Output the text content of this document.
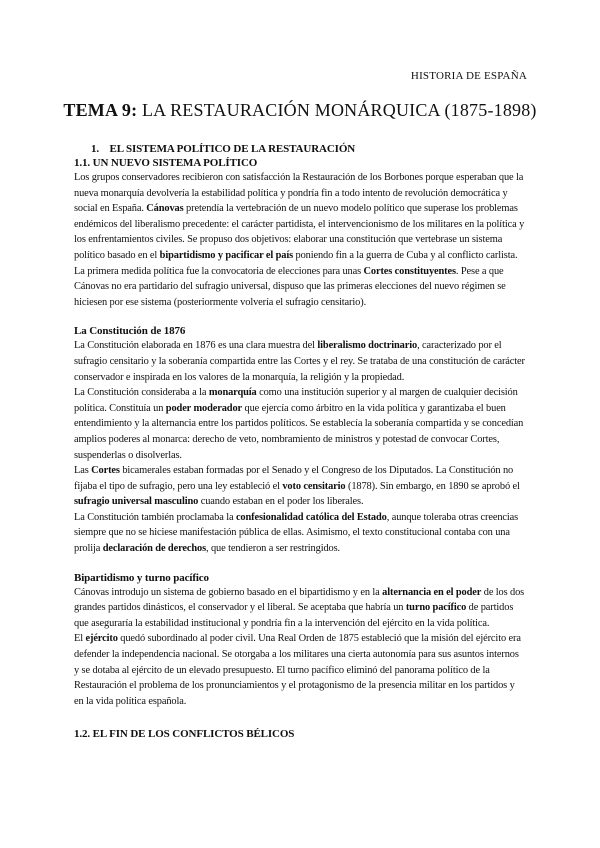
HISTORIA DE ESPAÑA
TEMA 9: LA RESTAURACIÓN MONÁRQUICA (1875-1898)
1.    EL SISTEMA POLÍTICO DE LA RESTAURACIÓN
1.1. UN NUEVO SISTEMA POLÍTICO

Los grupos conservadores recibieron con satisfacción la Restauración de los Borbones porque esperaban que la nueva monarquía devolvería la estabilidad política y pondría fin a todo intento de revolución democrática y social en España. Cánovas pretendía la vertebración de un nuevo modelo político que superase los problemas endémicos del liberalismo precedente: el carácter partidista, el intervencionismo de los militares en la política y los enfrentamientos civiles. Se propuso dos objetivos: elaborar una constitución que vertebrase un sistema político basado en el bipartidismo y pacificar el país poniendo fin a la guerra de Cuba y al conflicto carlista.

La primera medida política fue la convocatoria de elecciones para unas Cortes constituyentes. Pese a que Cánovas no era partidario del sufragio universal, dispuso que las primeras elecciones del nuevo régimen se hiciesen por ese sistema (posteriormente volvería el sufragio censitario).

La Constitución de 1876

La Constitución elaborada en 1876 es una clara muestra del liberalismo doctrinario, caracterizado por el sufragio censitario y la soberanía compartida entre las Cortes y el rey. Se trataba de una constitución de carácter conservador e inspirada en los valores de la monarquía, la religión y la propiedad.

La Constitución consideraba a la monarquía como una institución superior y al margen de cualquier decisión política. Constituía un poder moderador que ejercía como árbitro en la vida política y garantizaba el buen entendimiento y la alternancia entre los partidos políticos. Se establecía la soberanía compartida y se concedían amplios poderes al monarca: derecho de veto, nombramiento de ministros y potestad de convocar Cortes, suspenderlas o disolverlas.

Las Cortes bicamerales estaban formadas por el Senado y el Congreso de los Diputados. La Constitución no fijaba el tipo de sufragio, pero una ley estableció el voto censitario (1878). Sin embargo, en 1890 se aprobó el sufragio universal masculino cuando estaban en el poder los liberales.

La Constitución también proclamaba la confesionalidad católica del Estado, aunque toleraba otras creencias siempre que no se hiciese manifestación pública de ellas. Asimismo, el texto constitucional contaba con una prolija declaración de derechos, que tendieron a ser restringidos.

Bipartidismo y turno pacífico

Cánovas introdujo un sistema de gobierno basado en el bipartidismo y en la alternancia en el poder de los dos grandes partidos dinásticos, el conservador y el liberal. Se aceptaba que habría un turno pacífico de partidos que aseguraría la estabilidad institucional y pondría fin a la intervención del ejército en la vida política.

El ejército quedó subordinado al poder civil. Una Real Orden de 1875 estableció que la misión del ejército era defender la independencia nacional. Se otorgaba a los militares una cierta autonomía para sus asuntos internos y se dotaba al ejército de un elevado presupuesto. El turno pacífico eliminó del panorama político de la Restauración el problema de los pronunciamientos y el protagonismo de la presencia militar en los partidos y en la vida política española.

1.2. EL FIN DE LOS CONFLICTOS BÉLICOS
